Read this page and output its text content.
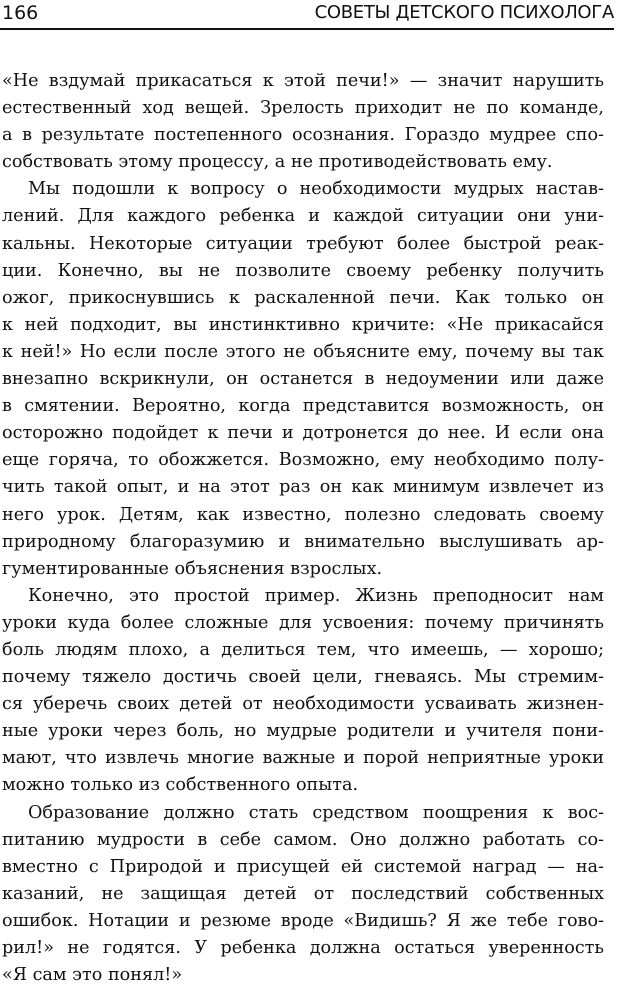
166	СОВЕТЫ ДЕТСКОГО ПСИХОЛОГА
«Не вздумай прикасаться к этой печи!» — значит нарушить
естественный ход вещей. Зрелость приходит не по команде,
а в результате постепенного осознания. Гораздо мудрее спо-
собствовать этому процессу, а не противодействовать ему.
Мы подошли к вопросу о необходимости мудрых настав-
лений. Для каждого ребенка и каждой ситуации они уни-
кальны. Некоторые ситуации требуют более быстрой реак-
ции. Конечно, вы не позволите своему ребенку получить
ожог, прикоснувшись к раскаленной печи. Как только он
к ней подходит, вы инстинктивно кричите: «Не прикасайся
к ней!» Но если после этого не объясните ему, почему вы так
внезапно вскрикнули, он останется в недоумении или даже
в смятении. Вероятно, когда представится возможность, он
осторожно подойдет к печи и дотронется до нее. И если она
еще горяча, то обожжется. Возможно, ему необходимо полу-
чить такой опыт, и на этот раз он как минимум извлечет из
него урок. Детям, как известно, полезно следовать своему
природному благоразумию и внимательно выслушивать ар-
гументированные объяснения взрослых.
Конечно, это простой пример. Жизнь преподносит нам
уроки куда более сложные для усвоения: почему причинять
боль людям плохо, а делиться тем, что имеешь, — хорошо;
почему тяжело достичь своей цели, гневаясь. Мы стремим-
ся уберечь своих детей от необходимости усваивать жизнен-
ные уроки через боль, но мудрые родители и учителя пони-
мают, что извлечь многие важные и порой неприятные уроки
можно только из собственного опыта.
Образование должно стать средством поощрения к вос-
питанию мудрости в себе самом. Оно должно работать со-
вместно с Природой и присущей ей системой наград — на-
казаний, не защищая детей от последствий собственных
ошибок. Нотации и резюме вроде «Видишь? Я же тебе гово-
рил!» не годятся. У ребенка должна остаться уверенность
«Я сам это понял!»
